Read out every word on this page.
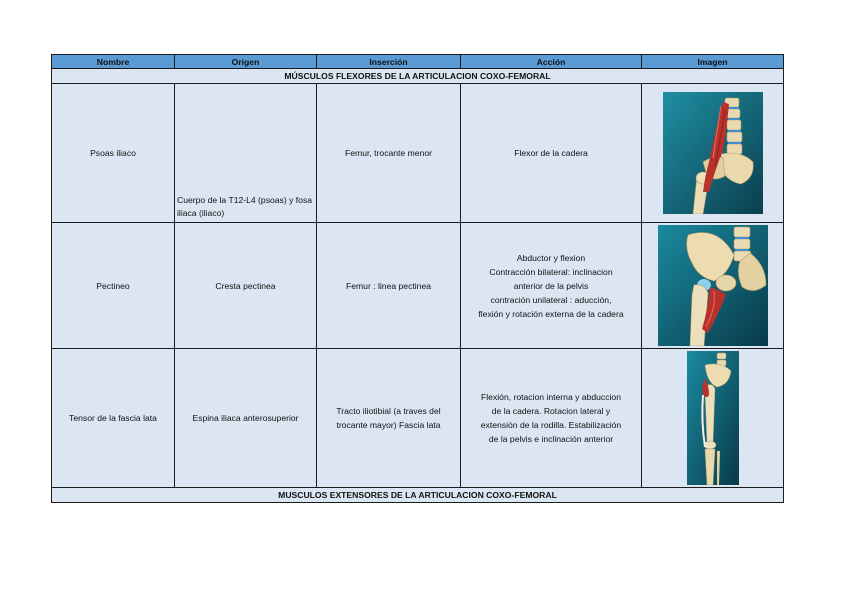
Nombre	Origen	Inserción	Acción	Imagen
MÚSCULOS FLEXORES DE LA ARTICULACION COXO-FEMORAL				
Psoas iliaco	Cuerpo de la T12-L4 (psoas) y fosa iliaca (iliaco)	Femur, trocante menor	Flexor de la cadera

Pectineo	Cresta pectinea	Femur : linea pectinea	Abductor y flexion
Contracción bilateral: inclinacion
anterior de la pelvis
contración unilateral : aducción,
flexión y rotación externa de la cadera

Tensor de la fascia lata	Espina iliaca anterosuperior	Tracto iliotibial (a traves del trocante mayor) Fascia lata	Flexión, rotacion interna y abduccion
de la cadera. Rotacion lateral y
extensión de la rodilla. Estabilización
de la pelvis e inclinación anterior

MUSCULOS EXTENSORES DE LA ARTICULACION COXO-FEMORAL				
